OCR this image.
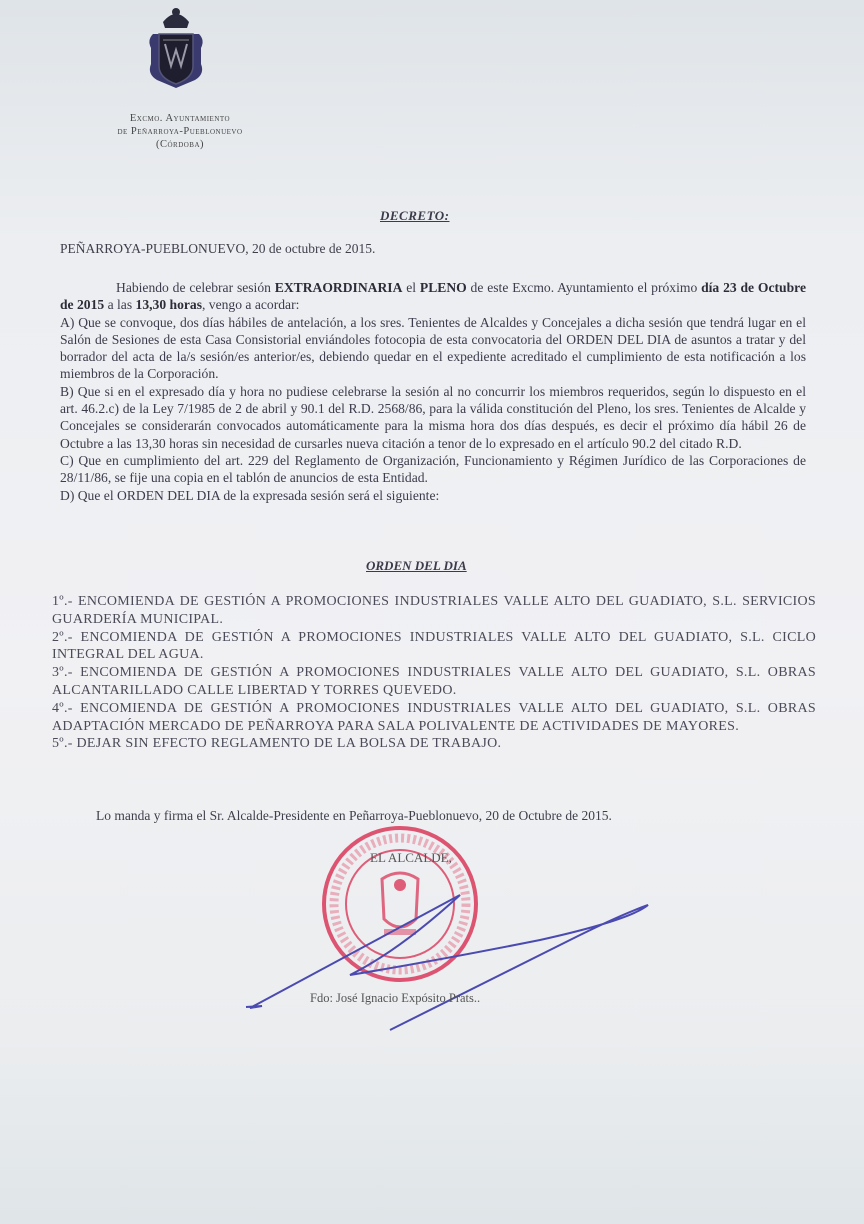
Excmo. Ayuntamiento
de Peñarroya-Pueblonuevo
(Córdoba)
DECRETO:
PEÑARROYA-PUEBLONUEVO, 20 de octubre de 2015.

Habiendo de celebrar sesión EXTRAORDINARIA el PLENO de este Excmo. Ayuntamiento el próximo día 23 de Octubre de 2015 a las 13,30 horas, vengo a acordar:

A) Que se convoque, dos días hábiles de antelación, a los sres. Tenientes de Alcaldes y Concejales a dicha sesión que tendrá lugar en el Salón de Sesiones de esta Casa Consistorial enviándoles fotocopia de esta convocatoria del ORDEN DEL DIA de asuntos a tratar y del borrador del acta de la/s sesión/es anterior/es, debiendo quedar en el expediente acreditado el cumplimiento de esta notificación a los miembros de la Corporación.

B) Que si en el expresado día y hora no pudiese celebrarse la sesión al no concurrir los miembros requeridos, según lo dispuesto en el art. 46.2.c) de la Ley 7/1985 de 2 de abril y 90.1 del R.D. 2568/86, para la válida constitución del Pleno, los sres. Tenientes de Alcalde y Concejales se considerarán convocados automáticamente para la misma hora dos días después, es decir el próximo día hábil 26 de Octubre a las 13,30 horas sin necesidad de cursarles nueva citación a tenor de lo expresado en el artículo 90.2 del citado R.D.

C) Que en cumplimiento del art. 229 del Reglamento de Organización, Funcionamiento y Régimen Jurídico de las Corporaciones de 28/11/86, se fije una copia en el tablón de anuncios de esta Entidad.

D) Que el ORDEN DEL DIA de la expresada sesión será el siguiente:

ORDEN DEL DIA

1º.- ENCOMIENDA DE GESTIÓN A PROMOCIONES INDUSTRIALES VALLE ALTO DEL GUADIATO, S.L. SERVICIOS GUARDERÍA MUNICIPAL.

2º.- ENCOMIENDA DE GESTIÓN A PROMOCIONES INDUSTRIALES VALLE ALTO DEL GUADIATO, S.L. CICLO INTEGRAL DEL AGUA.

3º.- ENCOMIENDA DE GESTIÓN A PROMOCIONES INDUSTRIALES VALLE ALTO DEL GUADIATO, S.L. OBRAS ALCANTARILLADO CALLE LIBERTAD Y TORRES QUEVEDO.

4º.- ENCOMIENDA DE GESTIÓN A PROMOCIONES INDUSTRIALES VALLE ALTO DEL GUADIATO, S.L. OBRAS ADAPTACIÓN MERCADO DE PEÑARROYA PARA SALA POLIVALENTE DE ACTIVIDADES DE MAYORES.

5º.- DEJAR SIN EFECTO REGLAMENTO DE LA BOLSA DE TRABAJO.

Lo manda y firma el Sr. Alcalde-Presidente en Peñarroya-Pueblonuevo, 20 de Octubre de 2015.
EL ALCALDE,
Fdo: José Ignacio Expósito Prats..
